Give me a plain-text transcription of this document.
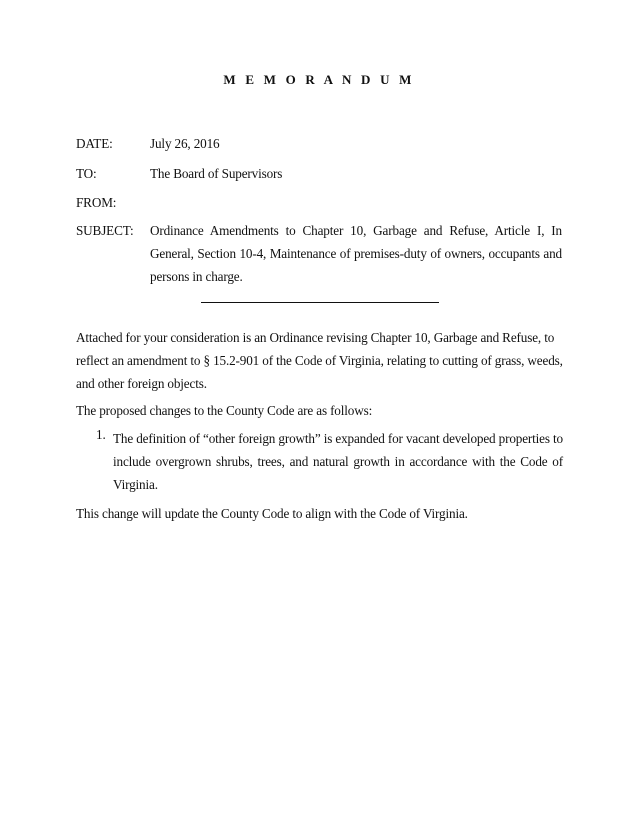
M E M O R A N D U M
DATE:	July 26, 2016
TO:	The Board of Supervisors
FROM:
SUBJECT: Ordinance Amendments to Chapter 10, Garbage and Refuse, Article I, In General, Section 10-4, Maintenance of premises-duty of owners, occupants and persons in charge.
Attached for your consideration is an Ordinance revising Chapter 10, Garbage and Refuse, to reflect an amendment to § 15.2-901 of the Code of Virginia, relating to cutting of grass, weeds, and other foreign objects.
The proposed changes to the County Code are as follows:
1. The definition of “other foreign growth” is expanded for vacant developed properties to include overgrown shrubs, trees, and natural growth in accordance with the Code of Virginia.
This change will update the County Code to align with the Code of Virginia.
